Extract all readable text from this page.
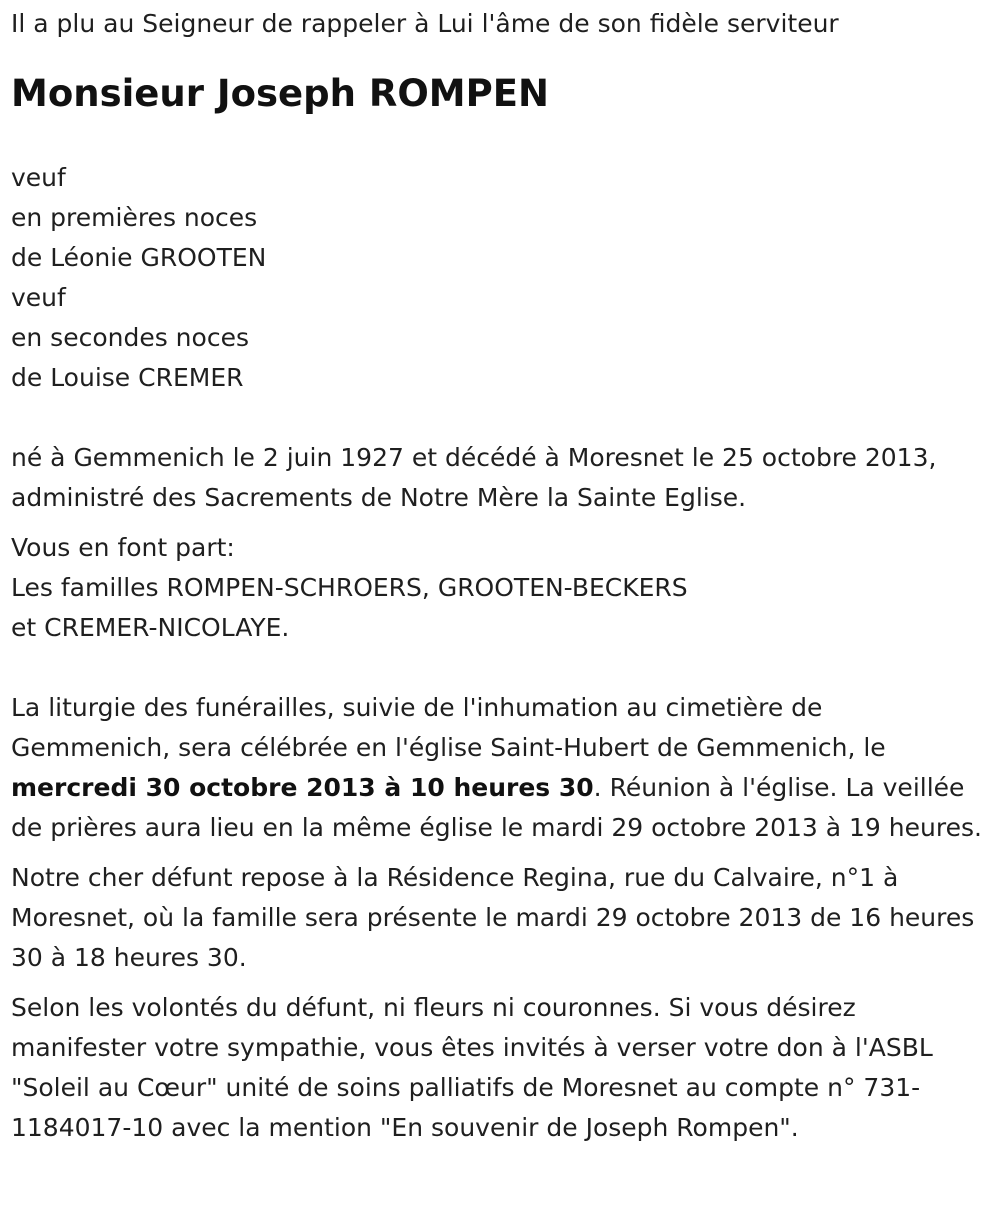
Il a plu au Seigneur de rappeler à Lui l'âme de son fidèle serviteur

Monsieur Joseph ROMPEN

veuf
en premières noces
de Léonie GROOTEN
veuf
en secondes noces
de Louise CREMER

né à Gemmenich le 2 juin 1927 et décédé à Moresnet le 25 octobre 2013,
administré des Sacrements de Notre Mère la Sainte Eglise.

Vous en font part:
Les familles ROMPEN-SCHROERS, GROOTEN-BECKERS
et CREMER-NICOLAYE.

La liturgie des funérailles, suivie de l'inhumation au cimetière de Gemmenich, sera célébrée en l'église Saint-Hubert de Gemmenich, le mercredi 30 octobre 2013 à 10 heures 30. Réunion à l'église. La veillée de prières aura lieu en la même église le mardi 29 octobre 2013 à 19 heures.

Notre cher défunt repose à la Résidence Regina, rue du Calvaire, n°1 à Moresnet, où la famille sera présente le mardi 29 octobre 2013 de 16 heures 30 à 18 heures 30.

Selon les volontés du défunt, ni fleurs ni couronnes. Si vous désirez manifester votre sympathie, vous êtes invités à verser votre don à l'ASBL "Soleil au Cœur" unité de soins palliatifs de Moresnet au compte n° 731-1184017-10 avec la mention "En souvenir de Joseph Rompen".
